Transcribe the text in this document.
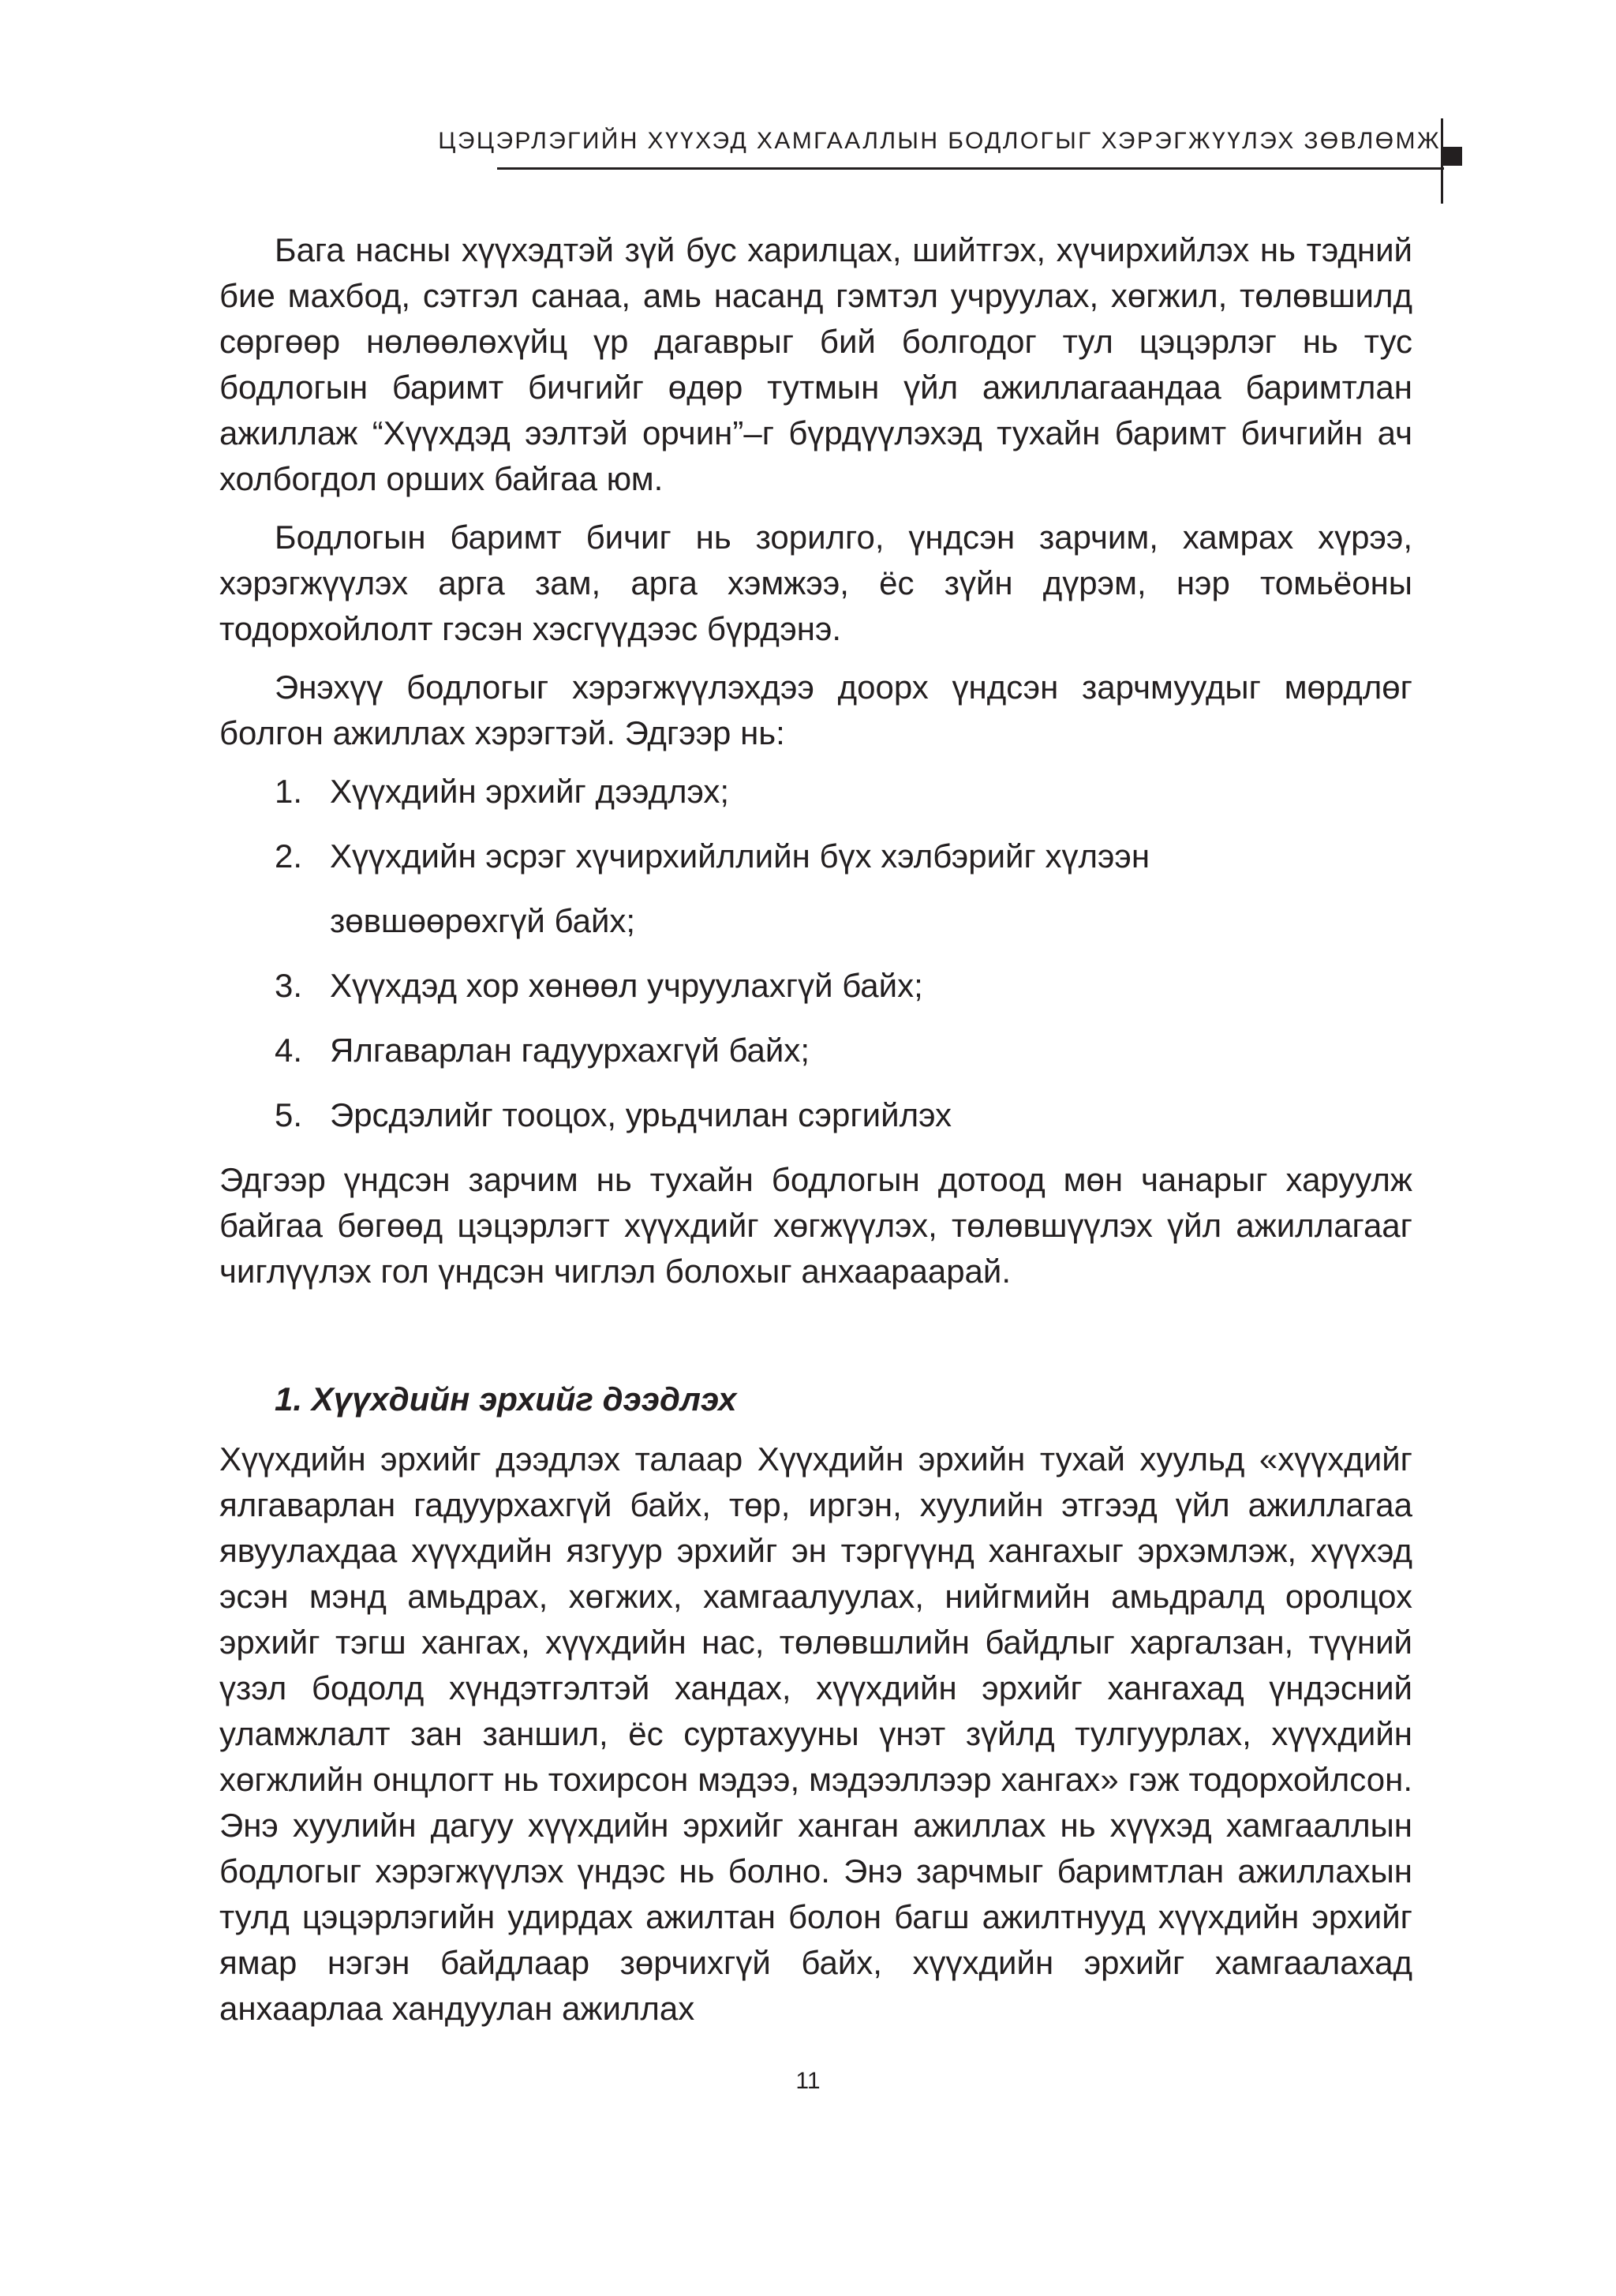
ЦЭЦЭРЛЭГИЙН ХҮҮХЭД ХАМГААЛЛЫН БОДЛОГЫГ ХЭРЭГЖҮҮЛЭХ ЗӨВЛӨМЖ

Бага насны хүүхэдтэй зүй бус харилцах, шийтгэх, хүчирхийлэх нь тэдний бие махбод, сэтгэл санаа, амь насанд гэмтэл учруулах, хөгжил, төлөвшилд сөргөөр нөлөөлөхүйц үр дагаврыг бий болгодог тул цэцэрлэг нь тус бодлогын баримт бичгийг өдөр тутмын үйл ажиллагаандаа баримтлан ажиллаж “Хүүхдэд ээлтэй орчин”–г бүрдүүлэхэд тухайн баримт бичгийн ач холбогдол орших байгаа юм.

Бодлогын баримт бичиг нь зорилго, үндсэн зарчим, хамрах хүрээ, хэрэгжүүлэх арга зам, арга хэмжээ, ёс зүйн дүрэм, нэр томьёоны тодорхойлолт гэсэн хэсгүүдээс бүрдэнэ.

Энэхүү бодлогыг хэрэгжүүлэхдээ доорх үндсэн зарчмуудыг мөрдлөг болгон ажиллах хэрэгтэй. Эдгээр нь:

1. Хүүхдийн эрхийг дээдлэх;
2. Хүүхдийн эсрэг хүчирхийллийн бүх хэлбэрийг хүлээн
зөвшөөрөхгүй байх;
3. Хүүхдэд хор хөнөөл учруулахгүй байх;
4. Ялгаварлан гадуурхахгүй байх;
5. Эрсдэлийг тооцох, урьдчилан сэргийлэх

Эдгээр үндсэн зарчим нь тухайн бодлогын дотоод мөн чанарыг харуулж байгаа бөгөөд цэцэрлэгт хүүхдийг хөгжүүлэх, төлөвшүүлэх үйл ажиллагааг чиглүүлэх гол үндсэн чиглэл болохыг анхаараарай.

1. Хүүхдийн эрхийг дээдлэх

Хүүхдийн эрхийг дээдлэх талаар Хүүхдийн эрхийн тухай хуульд «хүүхдийг ялгаварлан гадуурхахгүй байх, төр, иргэн, хуулийн этгээд үйл ажиллагаа явуулахдаа хүүхдийн язгуур эрхийг эн тэргүүнд хангахыг эрхэмлэж, хүүхэд эсэн мэнд амьдрах, хөгжих, хамгаалуулах, нийгмийн амьдралд оролцох эрхийг тэгш хангах, хүүхдийн нас, төлөвшлийн байдлыг харгалзан, түүний үзэл бодолд хүндэтгэлтэй хандах, хүүхдийн эрхийг хангахад үндэсний уламжлалт зан заншил, ёс суртахууны үнэт зүйлд тулгуурлах, хүүхдийн хөгжлийн онцлогт нь тохирсон мэдээ, мэдээллээр хангах» гэж тодорхойлсон. Энэ хуулийн дагуу хүүхдийн эрхийг ханган ажиллах нь хүүхэд хамгааллын бодлогыг хэрэгжүүлэх үндэс нь болно. Энэ зарчмыг баримтлан ажиллахын тулд цэцэрлэгийн удирдах ажилтан болон багш ажилтнууд хүүхдийн эрхийг ямар нэгэн байдлаар зөрчихгүй байх, хүүхдийн эрхийг хамгаалахад анхаарлаа хандуулан ажиллах

11
